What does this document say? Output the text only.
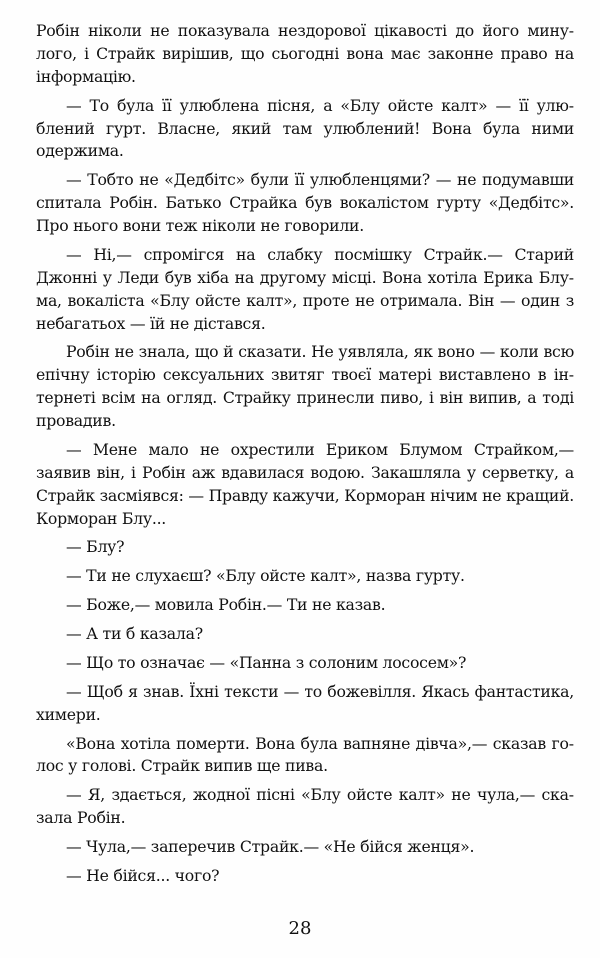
Робін ніколи не показувала нездорової цікавості до його минулого, і Страйк вирішив, що сьогодні вона має законне право на інформацію.

— То була її улюблена пісня, а «Блу ойсте калт» — її улюблений гурт. Власне, який там улюблений! Вона була ними одержима.

— Тобто не «Дедбітс» були її улюбленцями? — не подумавши спитала Робін. Батько Страйка був вокалістом гурту «Дедбітс». Про нього вони теж ніколи не говорили.

— Ні,— спромігся на слабку посмішку Страйк.— Старий Джонні у Леди був хіба на другому місці. Вона хотіла Ерика Блума, вокаліста «Блу ойсте калт», проте не отримала. Він — один з небагатьох — їй не дістався.

Робін не знала, що й сказати. Не уявляла, як воно — коли всю епічну історію сексуальних звитяг твоєї матері виставлено в інтернеті всім на огляд. Страйку принесли пиво, і він випив, а тоді провадив.

— Мене мало не охрестили Ериком Блумом Страйком,— заявив він, і Робін аж вдавилася водою. Закашляла у серветку, а Страйк засміявся: — Правду кажучи, Корморан нічим не кращий. Корморан Блу...

— Блу?

— Ти не слухаєш? «Блу ойсте калт», назва гурту.

— Боже,— мовила Робін.— Ти не казав.

— А ти б казала?

— Що то означає — «Панна з солоним лососем»?

— Щоб я знав. Їхні тексти — то божевілля. Якась фантастика, химери.

«Вона хотіла померти. Вона була вапняне дівча»,— сказав голос у голові. Страйк випив ще пива.

— Я, здається, жодної пісні «Блу ойсте калт» не чула,— сказала Робін.

— Чула,— заперечив Страйк.— «Не бійся женця».

— Не бійся... чого?

28
